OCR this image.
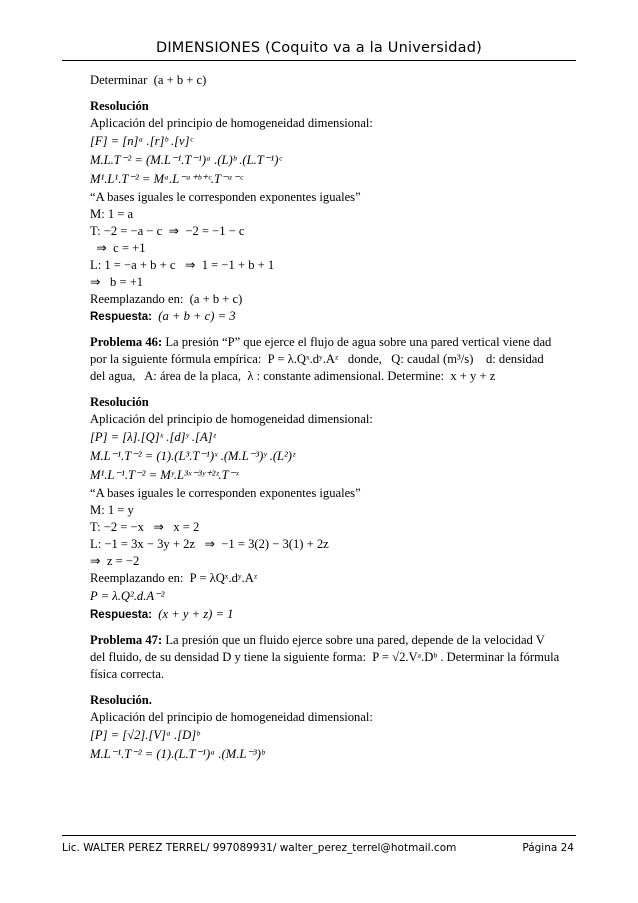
DIMENSIONES (Coquito va a la Universidad)
Determinar  (a + b + c)
Resolución
Aplicación del principio de homogeneidad dimensional:
[F] = [n]ᵃ .[r]ᵇ .[v]ᶜ
M.L.T⁻² = (M.L⁻¹.T⁻¹)ᵃ .(L)ᵇ .(L.T⁻¹)ᶜ
M¹.L¹.T⁻² = Mᵃ.L⁻ᵃ⁺ᵇ⁺ᶜ.T⁻ᵃ⁻ᶜ
“A bases iguales le corresponden exponentes iguales”
M: 1 = a
T: −2 = −a − c  ⇒  −2 = −1 − c
⇒  c = +1
L: 1 = −a + b + c   ⇒  1 = −1 + b + 1
⇒   b = +1
Reemplazando en:  (a + b + c)
Respuesta:  (a + b + c) = 3
Problema 46: La presión “P” que ejerce el flujo de agua sobre una pared vertical viene dad
por la siguiente fórmula empírica:  P = λ.Qˣ.dʸ.Aᶻ   donde,   Q: caudal (m³/s)    d: densidad
del agua,   A: área de la placa,  λ : constante adimensional. Determine:  x + y + z
Resolución
Aplicación del principio de homogeneidad dimensional:
[P] = [λ].[Q]ˣ .[d]ʸ .[A]ᶻ
M.L⁻¹.T⁻² = (1).(L³.T⁻¹)ˣ .(M.L⁻³)ʸ .(L²)ᶻ
M¹.L⁻¹.T⁻² = Mʸ.L³ˣ⁻³ʸ⁺²ᶻ.T⁻ˣ
“A bases iguales le corresponden exponentes iguales”
M: 1 = y
T: −2 = −x   ⇒   x = 2
L: −1 = 3x − 3y + 2z   ⇒  −1 = 3(2) − 3(1) + 2z
⇒  z = −2
Reemplazando en:  P = λQˣ.dʸ.Aᶻ
P = λ.Q².d.A⁻²
Respuesta:  (x + y + z) = 1
Problema 47: La presión que un fluido ejerce sobre una pared, depende de la velocidad V
del fluido, de su densidad D y tiene la siguiente forma:  P = √2.Vᵃ.Dᵇ . Determinar la fórmula
física correcta.
Resolución.
Aplicación del principio de homogeneidad dimensional:
[P] = [√2].[V]ᵃ .[D]ᵇ
M.L⁻¹.T⁻² = (1).(L.T⁻¹)ᵃ .(M.L⁻³)ᵇ
Lic. WALTER PEREZ TERREL/ 997089931/ walter_perez_terrel@hotmail.com	Página 24
